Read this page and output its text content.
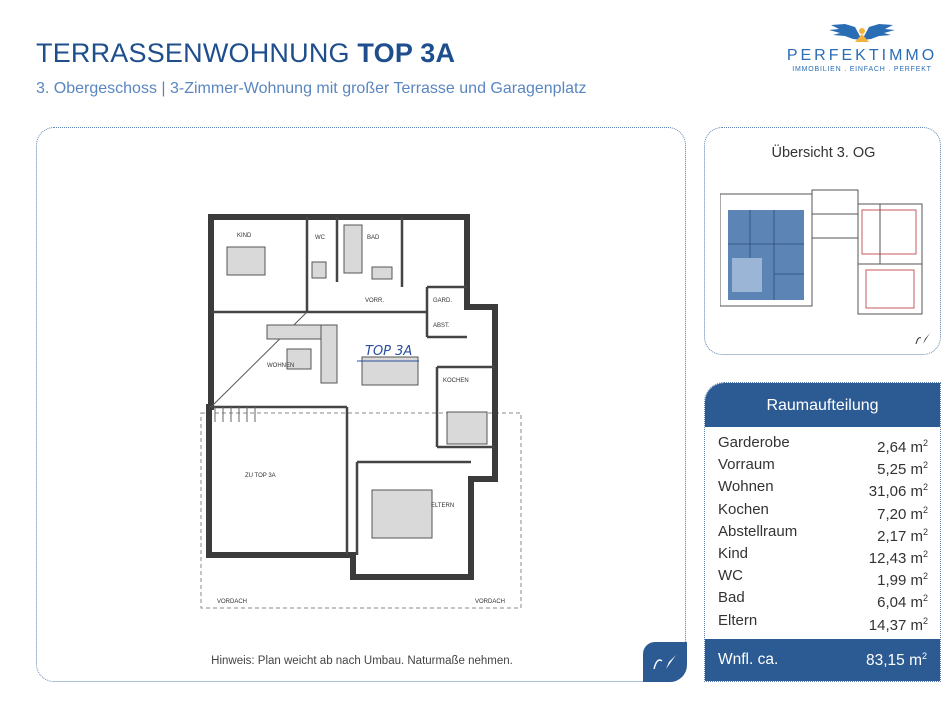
TERRASSENWOHNUNG TOP 3A
3. Obergeschoss | 3-Zimmer-Wohnung mit großer Terrasse und Garagenplatz
PERFEKTIMMO
IMMOBILIEN . EINFACH . PERFEKT
KIND	WC	BAD
VORR.	GARD.
ABST.
WOHNEN
KOCHEN
ELTERN
ZU TOP 3A
VORDACH	VORDACH
TOP 3A
Hinweis: Plan weicht ab nach Umbau. Naturmaße nehmen.
Übersicht 3. OG
Raumaufteilung
Garderobe	2,64 $m^2$
Vorraum	5,25 $m^2$
Wohnen	31,06 $m^2$
Kochen	7,20 $m^2$
Abstellraum	2,17 $m^2$
Kind	12,43 $m^2$
WC	1,99 $m^2$
Bad	6,04 $m^2$
Eltern	14,37 $m^2$
Wnfl. ca.	83,15 $m^2$
